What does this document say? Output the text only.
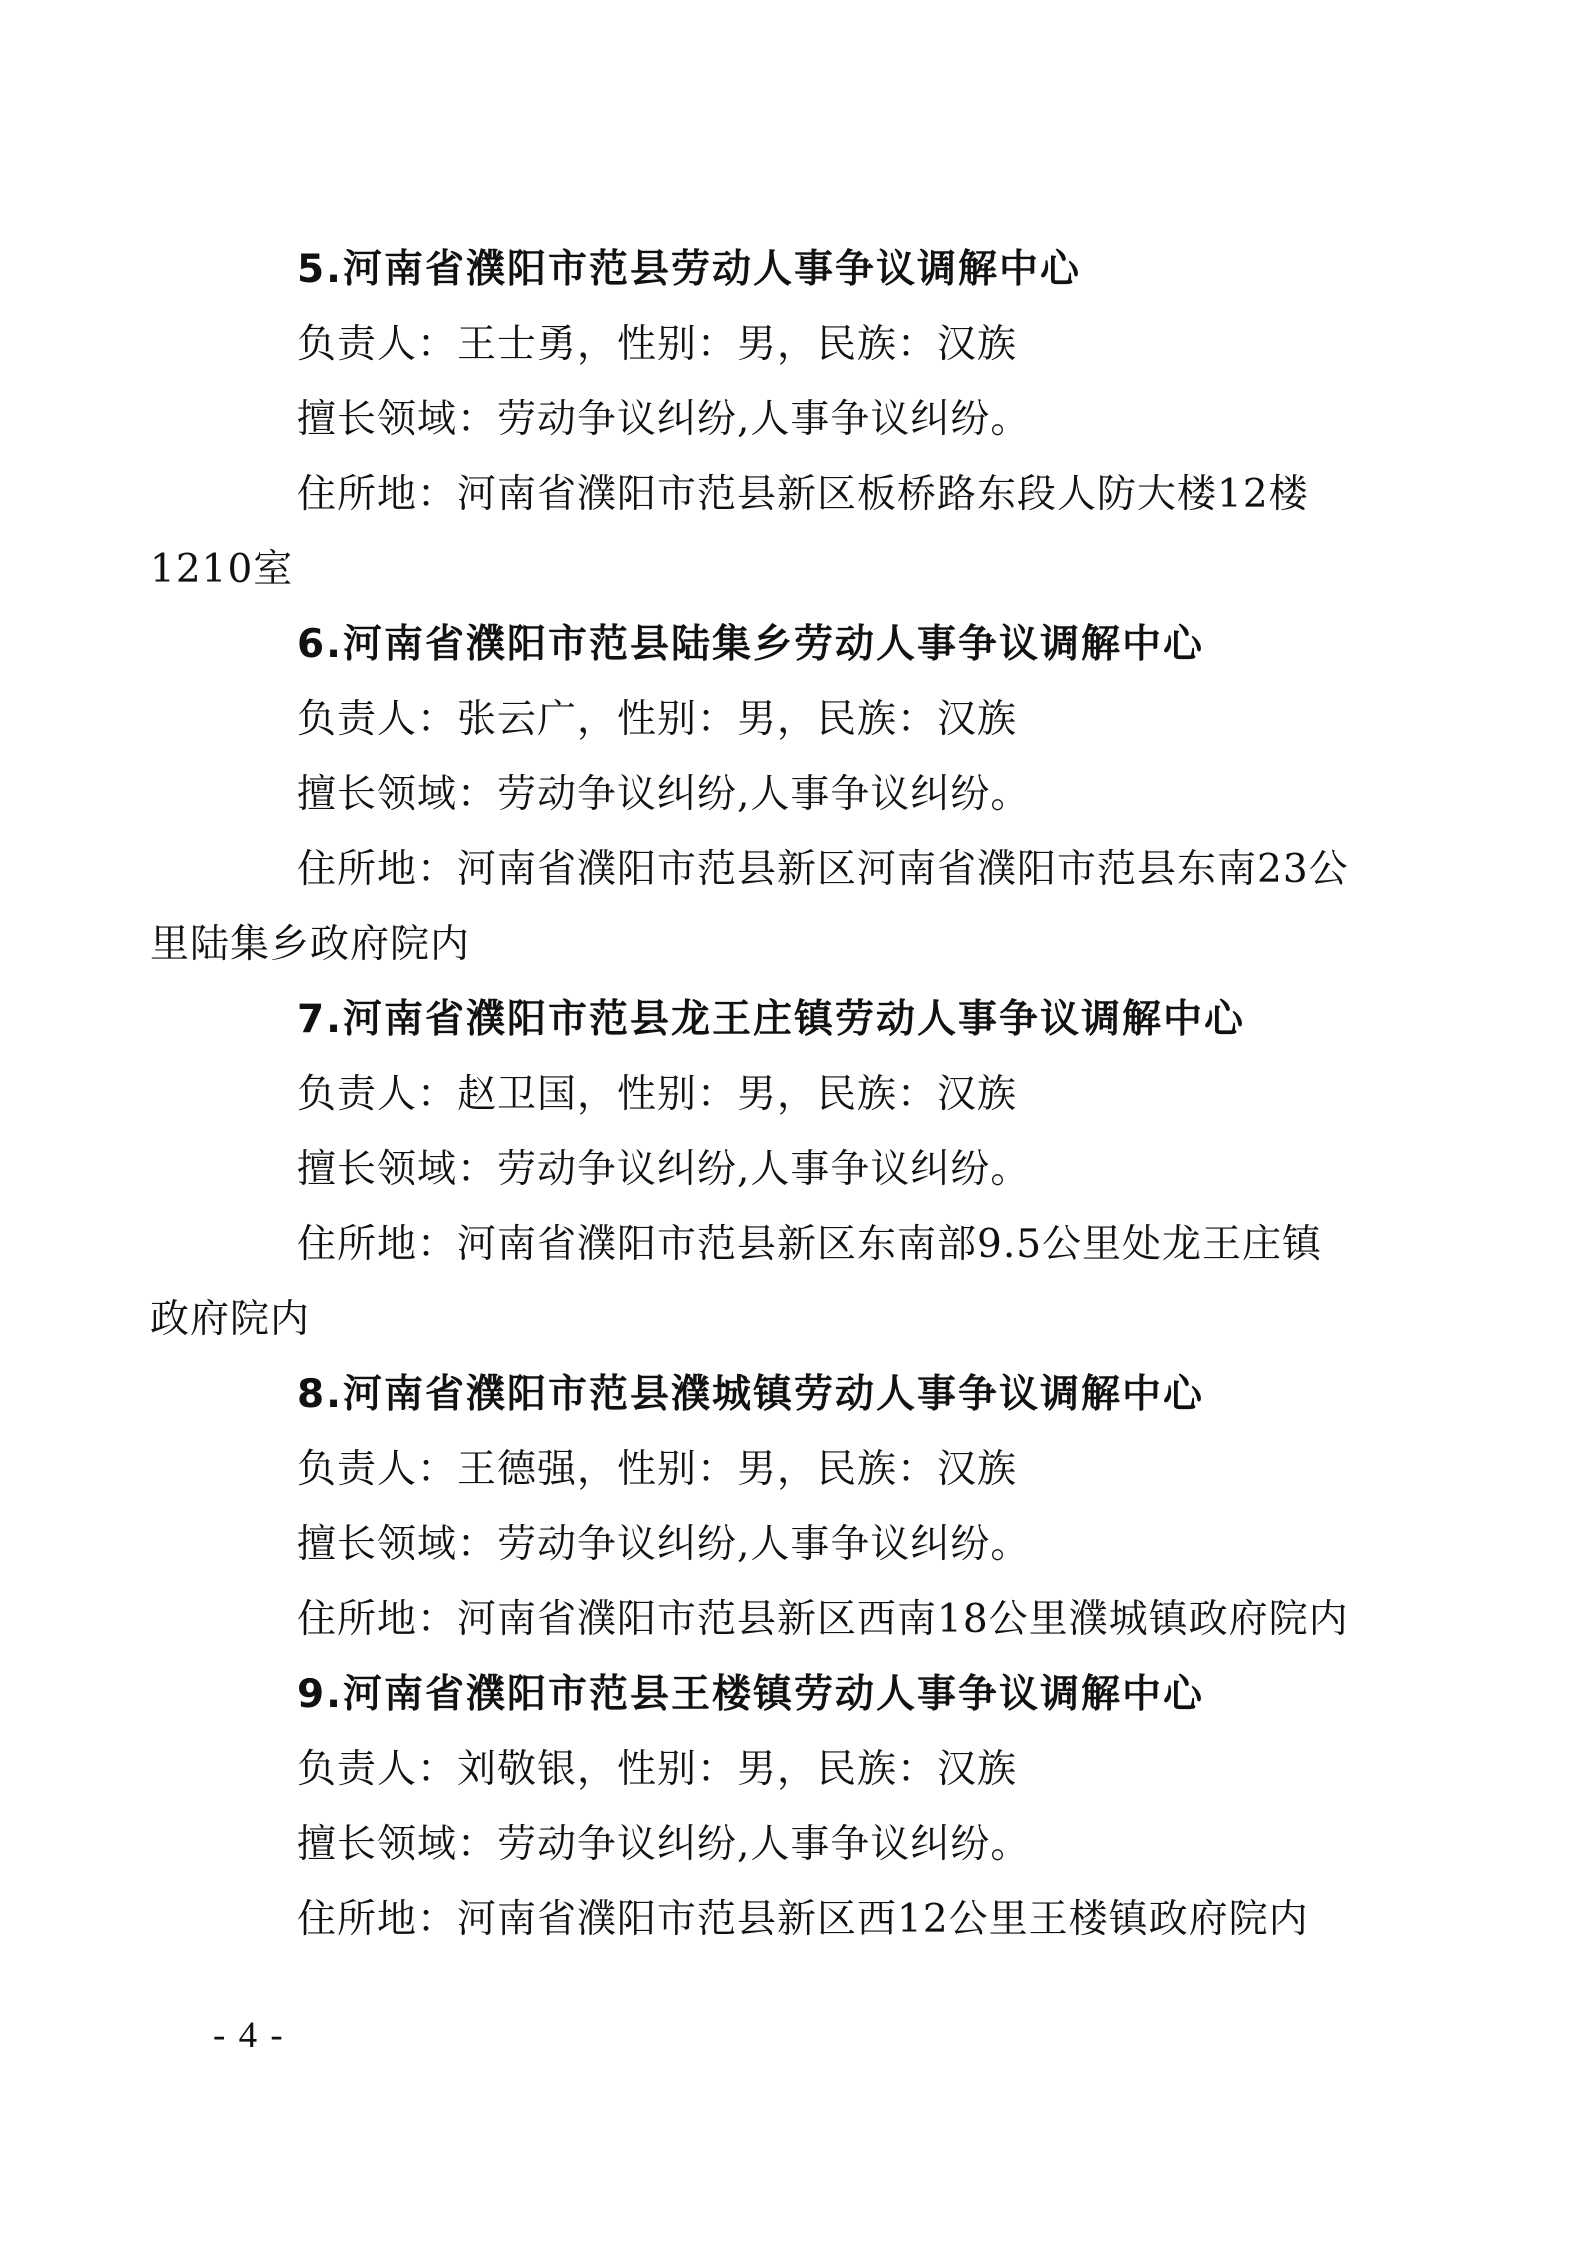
5.河南省濮阳市范县劳动人事争议调解中心

负责人：王士勇，性别：男，民族：汉族

擅长领域：劳动争议纠纷,人事争议纠纷。

住所地：河南省濮阳市范县新区板桥路东段人防大楼12楼

1210室

6.河南省濮阳市范县陆集乡劳动人事争议调解中心

负责人：张云广，性别：男，民族：汉族

擅长领域：劳动争议纠纷,人事争议纠纷。

住所地：河南省濮阳市范县新区河南省濮阳市范县东南23公

里陆集乡政府院内

7.河南省濮阳市范县龙王庄镇劳动人事争议调解中心

负责人：赵卫国，性别：男，民族：汉族

擅长领域：劳动争议纠纷,人事争议纠纷。

住所地：河南省濮阳市范县新区东南部9.5公里处龙王庄镇

政府院内

8.河南省濮阳市范县濮城镇劳动人事争议调解中心

负责人：王德强，性别：男，民族：汉族

擅长领域：劳动争议纠纷,人事争议纠纷。

住所地：河南省濮阳市范县新区西南18公里濮城镇政府院内

9.河南省濮阳市范县王楼镇劳动人事争议调解中心

负责人：刘敬银，性别：男，民族：汉族

擅长领域：劳动争议纠纷,人事争议纠纷。

住所地：河南省濮阳市范县新区西12公里王楼镇政府院内

- 4 -
